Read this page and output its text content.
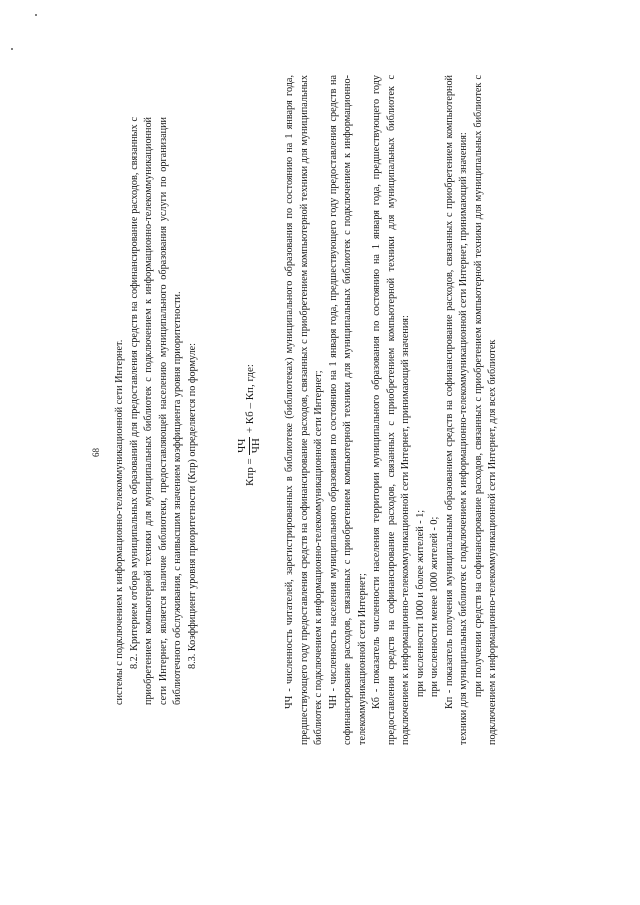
68 системы с подключением к информационно-телекоммуникационной сети Интернет. 8.2. Критерием отбора муниципальных образований для предоставления средств на софинансирование расходов, связанных с приобретением компьютерной техники для муниципальных библиотек с подключением к информационно-телекоммуникационной сети Интернет, является наличие библиотеки, предоставляющей населению муниципального образования услуги по организации библиотечного обслуживания, с наивысшим значением коэффициента уровня приоритетности. 8.3. Коэффициент уровня приоритетности (Кпр) определяется по формуле:	Кпр =
ЧЧ ЧН
+ Кб – Кп, где:	ЧЧ - численность читателей, зарегистрированных в библиотеке (библиотеках) муниципального образования по состоянию на 1 января года, предшествующего году предоставления средств на софинансирование расходов, связанных с приобретением компьютерной техники для муниципальных библиотек с подключением к информационно-телекоммуникационной сети Интернет; ЧН - численность населения муниципального образования по состоянию на 1 января года, предшествующего году предоставления средств на софинансирование расходов, связанных с приобретением компьютерной техники для муниципальных библиотек с подключением к информационно-телекоммуникационной сети Интернет; Кб - показатель численности населения территории муниципального образования по состоянию на 1 января года, предшествующего году предоставления средств на софинансирование расходов, связанных с приобретением компьютерной техники для муниципальных библиотек с подключением к информационно-телекоммуникационной сети Интернет, принимающий значения: при численности 1000 и более жителей - 1; при численности менее 1000 жителей - 0; Кп - показатель получения муниципальным образованием средств на софинансирование расходов, связанных с приобретением компьютерной техники для муниципальных библиотек с подключением к информационно-телекоммуникационной сети Интернет, принимающий значения: при получении средств на софинансирование расходов, связанных с приобретением компьютерной техники для муниципальных библиотек с подключением к информационно-телекоммуникационной сети Интернет, для всех библиотек
